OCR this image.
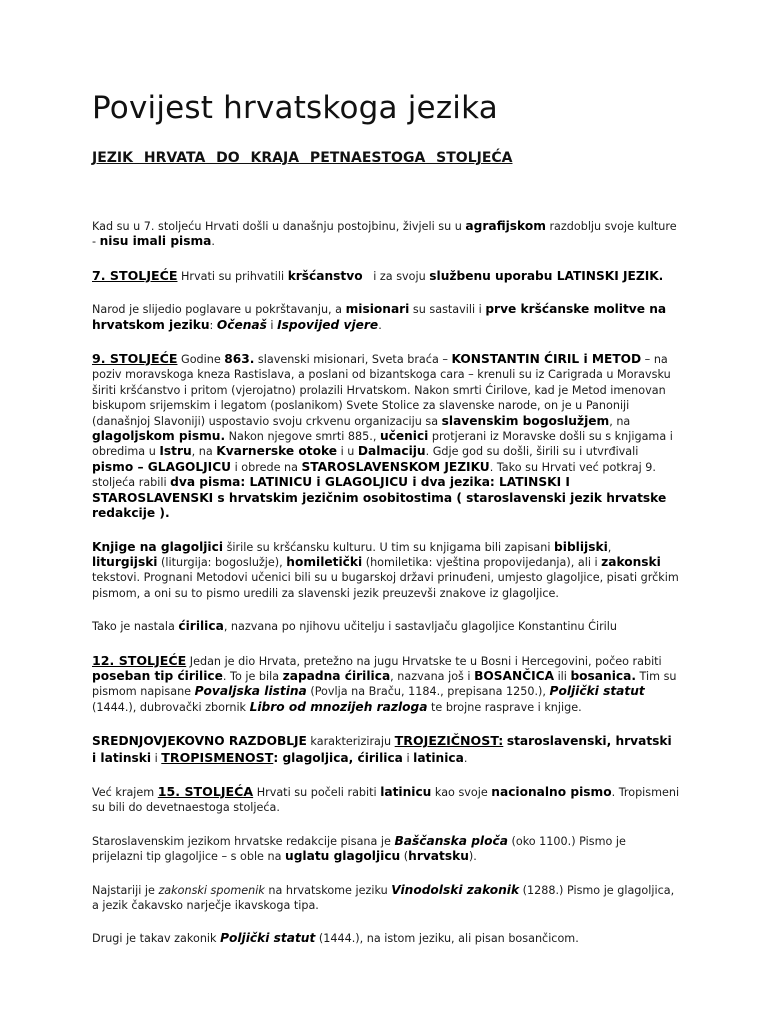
Povijest hrvatskoga jezika
JEZIK HRVATA DO KRAJA PETNAESTOGA STOLJEĆA

Kad su u 7. stoljeću Hrvati došli u današnju postojbinu, živjeli su u agrafijskom razdoblju svoje kulture - nisu imali pisma.

7. STOLJEĆE Hrvati su prihvatili kršćanstvo   i za svoju službenu uporabu LATINSKI JEZIK.

Narod je slijedio poglavare u pokrštavanju, a misionari su sastavili i prve kršćanske molitve na hrvatskom jeziku: Očenaš i Ispovijed vjere.

9. STOLJEĆE Godine 863. slavenski misionari, Sveta braća – KONSTANTIN ĆIRIL i METOD – na poziv moravskoga kneza Rastislava, a poslani od bizantskoga cara – krenuli su iz Carigrada u Moravsku širiti kršćanstvo i pritom (vjerojatno) prolazili Hrvatskom. Nakon smrti Ćirilove, kad je Metod imenovan biskupom srijemskim i legatom (poslanikom) Svete Stolice za slavenske narode, on je u Panoniji (današnjoj Slavoniji) uspostavio svoju crkvenu organizaciju sa slavenskim bogoslužjem, na glagoljskom pismu. Nakon njegove smrti 885., učenici protjerani iz Moravske došli su s knjigama i obredima u Istru, na Kvarnerske otoke i u Dalmaciju. Gdje god su došli, širili su i utvrđivali pismo – GLAGOLJICU i obrede na STAROSLAVENSKOM JEZIKU. Tako su Hrvati već potkraj 9. stoljeća rabili dva pisma: LATINICU i GLAGOLJICU i dva jezika: LATINSKI I STAROSLAVENSKI s hrvatskim jezičnim osobitostima ( staroslavenski jezik hrvatske redakcije ).

Knjige na glagoljici širile su kršćansku kulturu. U tim su knjigama bili zapisani biblijski, liturgijski (liturgija: bogoslužje), homiletički (homiletika: vještina propovijedanja), ali i zakonski tekstovi. Prognani Metodovi učenici bili su u bugarskoj državi prinuđeni, umjesto glagoljice, pisati grčkim pismom, a oni su to pismo uredili za slavenski jezik preuzevši znakove iz glagoljice.

Tako je nastala ćirilica, nazvana po njihovu učitelju i sastavljaču glagoljice Konstantinu Ćirilu

12. STOLJEĆE Jedan je dio Hrvata, pretežno na jugu Hrvatske te u Bosni i Hercegovini, počeo rabiti poseban tip ćirilice. To je bila zapadna ćirilica, nazvana još i BOSANČICA ili bosanica. Tim su pismom napisane Povaljska listina (Povlja na Braču, 1184., prepisana 1250.), Poljički statut (1444.), dubrovački zbornik Libro od mnozijeh razloga te brojne rasprave i knjige.

SREDNJOVJEKOVNO RAZDOBLJE karakteriziraju TROJEZIČNOST: staroslavenski, hrvatski i latinski i TROPISMENOST: glagoljica, ćirilica i latinica.

Već krajem 15. STOLJEĆA Hrvati su počeli rabiti latinicu kao svoje nacionalno pismo. Tropismeni su bili do devetnaestoga stoljeća.

Staroslavenskim jezikom hrvatske redakcije pisana je Baščanska ploča (oko 1100.) Pismo je prijelazni tip glagoljice – s oble na uglatu glagoljicu (hrvatsku).

Najstariji je zakonski spomenik na hrvatskome jeziku Vinodolski zakonik (1288.) Pismo je glagoljica, a jezik čakavsko narječje ikavskoga tipa.

Drugi je takav zakonik Poljički statut (1444.), na istom jeziku, ali pisan bosančicom.
